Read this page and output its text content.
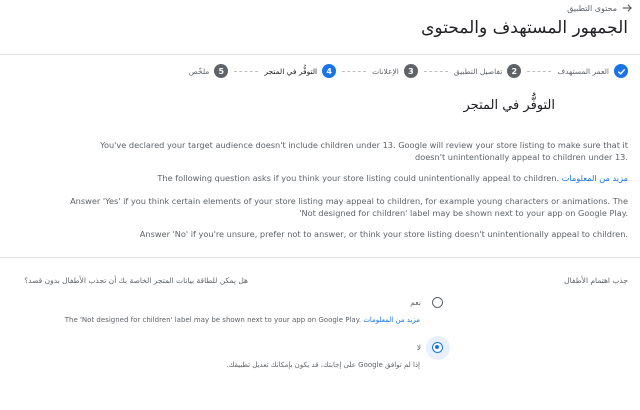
محتوى التطبيق
الجمهور المستهدف والمحتوى
العمر المستهدف
2
تفاصيل التطبيق
3
الإعلانات
4
التوفُّر في المتجر
5
ملخّص
التوفُّر في المتجر
You've declared your target audience doesn't include children under 13. Google will review your store listing to make sure that it doesn't unintentionally appeal to children under 13.
The following question asks if you think your store listing could unintentionally appeal to children. مزيد من المعلومات
Answer 'Yes' if you think certain elements of your store listing may appeal to children, for example young characters or animations. The 'Not designed for children' label may be shown next to your app on Google Play.
Answer 'No' if you're unsure, prefer not to answer, or think your store listing doesn't unintentionally appeal to children.
جذب اهتمام الأطفال
هل يمكن للطاقة بيانات المتجر الخاصة بك أن تجذب الأطفال بدون قصد؟
نعم
The 'Not designed for children' label may be shown next to your app on Google Play. مزيد من المعلومات
لا
إذا لم توافق Google على إجابتك، قد يكون بإمكانك تعديل تطبيقك.
